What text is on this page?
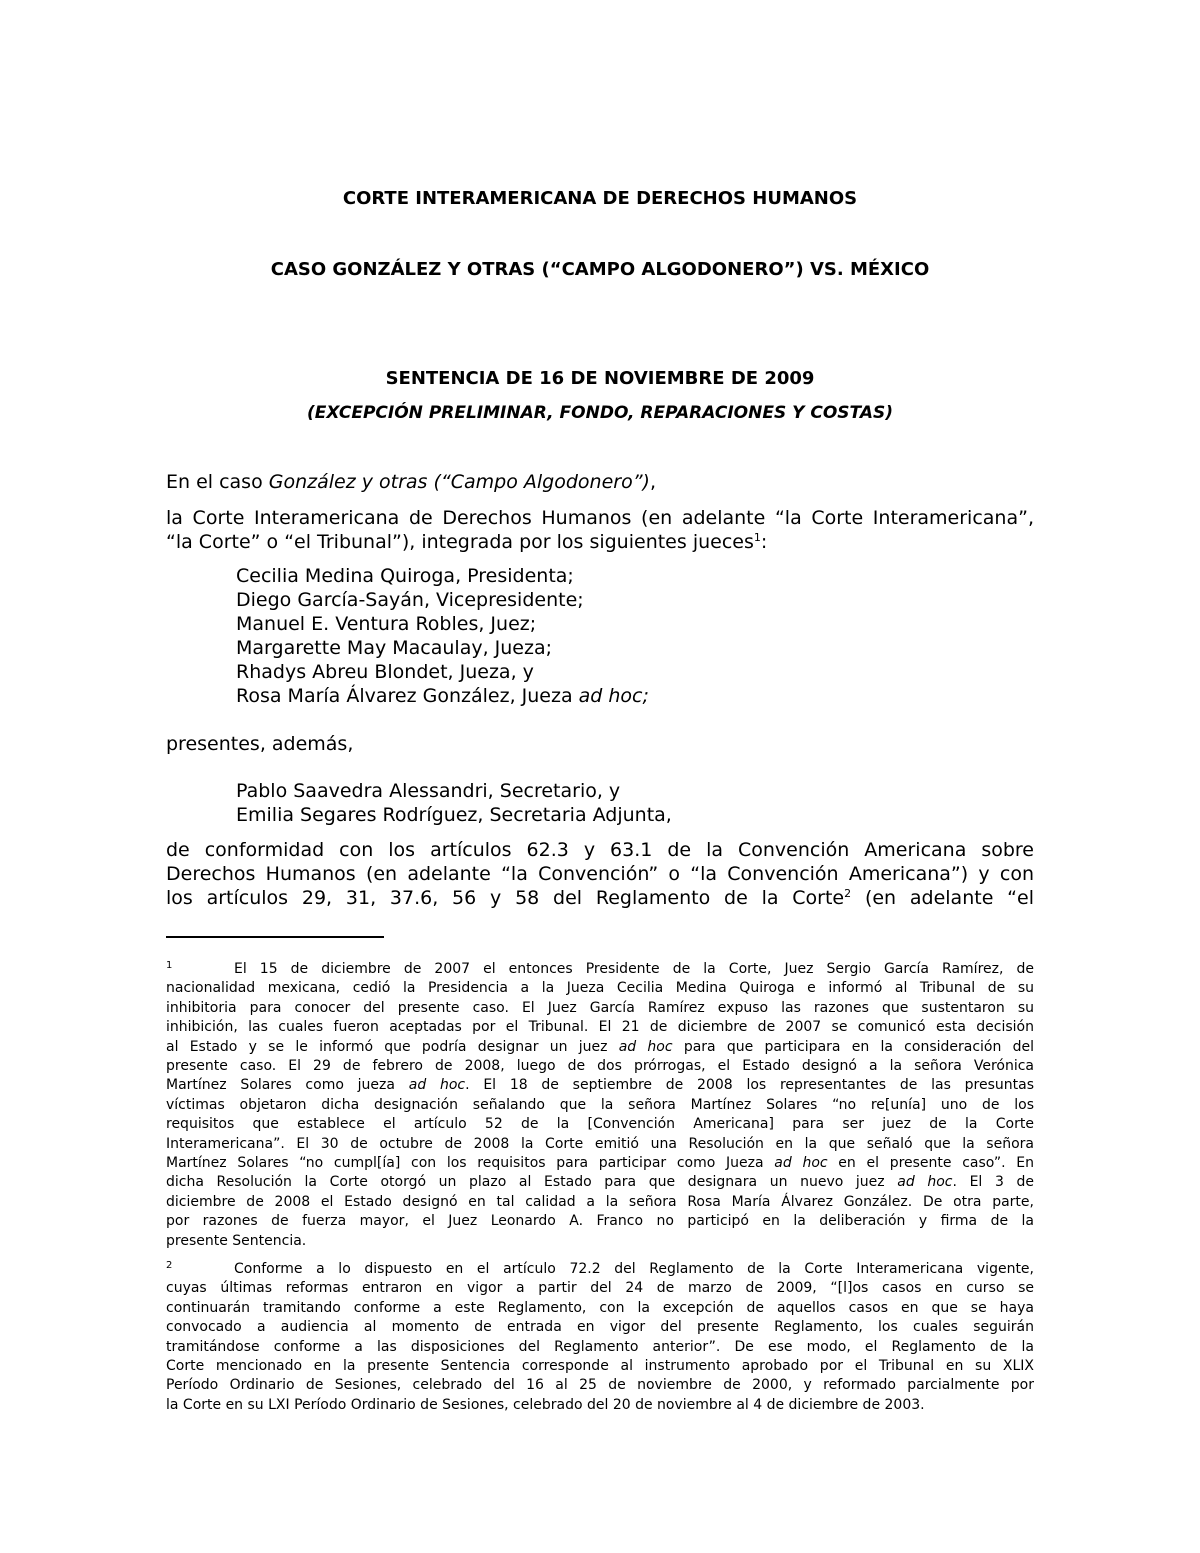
CORTE INTERAMERICANA DE DERECHOS HUMANOS
CASO GONZÁLEZ Y OTRAS (“CAMPO ALGODONERO”) VS. MÉXICO
SENTENCIA DE 16 DE NOVIEMBRE DE 2009
(EXCEPCIÓN PRELIMINAR, FONDO, REPARACIONES Y COSTAS)
En el caso González y otras (“Campo Algodonero”),
la Corte Interamericana de Derechos Humanos (en adelante “la Corte Interamericana”,
“la Corte” o “el Tribunal”), integrada por los siguientes jueces$^1$:
Cecilia Medina Quiroga, Presidenta;
Diego García-Sayán, Vicepresidente;
Manuel E. Ventura Robles, Juez;
Margarette May Macaulay, Jueza;
Rhadys Abreu Blondet, Jueza, y
Rosa María Álvarez González, Jueza ad hoc;
presentes, además,
Pablo Saavedra Alessandri, Secretario, y
Emilia Segares Rodríguez, Secretaria Adjunta,
de conformidad con los artículos 62.3 y 63.1 de la Convención Americana sobre
Derechos Humanos (en adelante “la Convención” o “la Convención Americana”) y con
los artículos 29, 31, 37.6, 56 y 58 del Reglamento de la Corte$^2$ (en adelante “el
1	El 15 de diciembre de 2007 el entonces Presidente de la Corte, Juez Sergio García Ramírez, de
nacionalidad mexicana, cedió la Presidencia a la Jueza Cecilia Medina Quiroga e informó al Tribunal de su
inhibitoria para conocer del presente caso. El Juez García Ramírez expuso las razones que sustentaron su
inhibición, las cuales fueron aceptadas por el Tribunal. El 21 de diciembre de 2007 se comunicó esta decisión
al Estado y se le informó que podría designar un juez ad hoc para que participara en la consideración del
presente caso. El 29 de febrero de 2008, luego de dos prórrogas, el Estado designó a la señora Verónica
Martínez Solares como jueza ad hoc. El 18 de septiembre de 2008 los representantes de las presuntas
víctimas objetaron dicha designación señalando que la señora Martínez Solares “no re[unía] uno de los
requisitos que establece el artículo 52 de la [Convención Americana] para ser juez de la Corte
Interamericana”. El 30 de octubre de 2008 la Corte emitió una Resolución en la que señaló que la señora
Martínez Solares “no cumpl[ía] con los requisitos para participar como Jueza ad hoc en el presente caso”. En
dicha Resolución la Corte otorgó un plazo al Estado para que designara un nuevo juez ad hoc. El 3 de
diciembre de 2008 el Estado designó en tal calidad a la señora Rosa María Álvarez González. De otra parte,
por razones de fuerza mayor, el Juez Leonardo A. Franco no participó en la deliberación y firma de la
presente Sentencia.
2	Conforme a lo dispuesto en el artículo 72.2 del Reglamento de la Corte Interamericana vigente,
cuyas últimas reformas entraron en vigor a partir del 24 de marzo de 2009, “[l]os casos en curso se
continuarán tramitando conforme a este Reglamento, con la excepción de aquellos casos en que se haya
convocado a audiencia al momento de entrada en vigor del presente Reglamento, los cuales seguirán
tramitándose conforme a las disposiciones del Reglamento anterior”. De ese modo, el Reglamento de la
Corte mencionado en la presente Sentencia corresponde al instrumento aprobado por el Tribunal en su XLIX
Período Ordinario de Sesiones, celebrado del 16 al 25 de noviembre de 2000, y reformado parcialmente por
la Corte en su LXI Período Ordinario de Sesiones, celebrado del 20 de noviembre al 4 de diciembre de 2003.
